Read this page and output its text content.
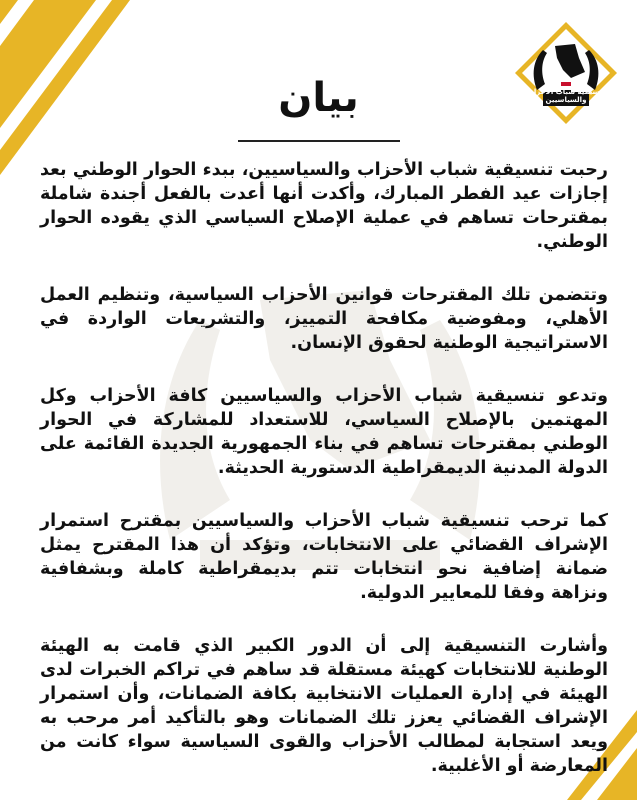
تنسيقية شباب الأحزاب والسياسيين
بيان

رحبت تنسيقية شباب الأحزاب والسياسيين، ببدء الحوار الوطني بعد إجازات عيد الفطر المبارك، وأكدت أنها أعدت بالفعل أجندة شاملة بمقترحات تساهم في عملية الإصلاح السياسي الذي يقوده الحوار الوطني.

وتتضمن تلك المقترحات قوانين الأحزاب السياسية، وتنظيم العمل الأهلي، ومفوضية مكافحة التمييز، والتشريعات الواردة في الاستراتيجية الوطنية لحقوق الإنسان.

وتدعو تنسيقية شباب الأحزاب والسياسيين كافة الأحزاب وكل المهتمين بالإصلاح السياسي، للاستعداد للمشاركة في الحوار الوطني بمقترحات تساهم في بناء الجمهورية الجديدة القائمة على الدولة المدنية الديمقراطية الدستورية الحديثة.

كما ترحب تنسيقية شباب الأحزاب والسياسيين بمقترح استمرار الإشراف القضائي على الانتخابات، وتؤكد أن هذا المقترح يمثل ضمانة إضافية نحو انتخابات تتم بديمقراطية كاملة وبشفافية ونزاهة وفقا للمعايير الدولية.

وأشارت التنسيقية إلى أن الدور الكبير الذي قامت به الهيئة الوطنية للانتخابات كهيئة مستقلة قد ساهم في تراكم الخبرات لدى الهيئة في إدارة العمليات الانتخابية بكافة الضمانات، وأن استمرار الإشراف القضائي يعزز تلك الضمانات وهو بالتأكيد أمر مرحب به ويعد استجابة لمطالب الأحزاب والقوى السياسية سواء كانت من المعارضة أو الأغلبية.
